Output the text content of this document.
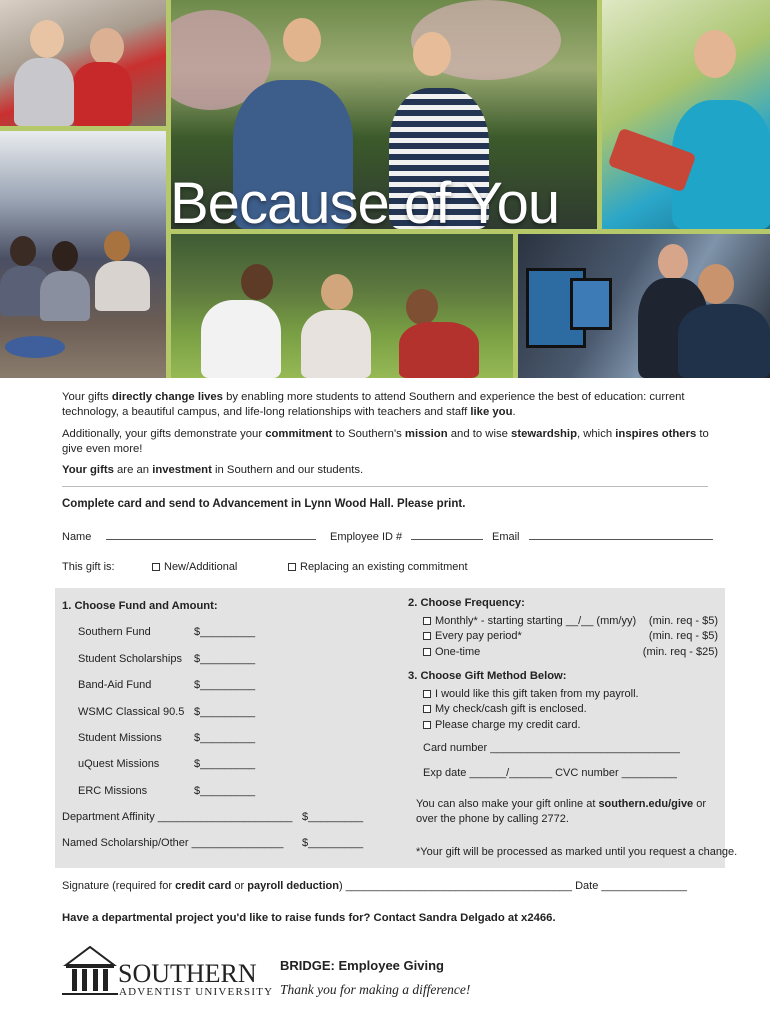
Because of You
Your gifts directly change lives by enabling more students to attend Southern and experience the best of education: current technology, a beautiful campus, and life-long relationships with teachers and staff like you.
Additionally, your gifts demonstrate your commitment to Southern's mission and to wise stewardship, which inspires others to give even more!
Your gifts are an investment in Southern and our students.
Complete card and send to Advancement in Lynn Wood Hall. Please print.
Name	Employee ID #	Email
This gift is:	New/Additional	Replacing an existing commitment
1. Choose Fund and Amount:
Southern Fund	$_________
Student Scholarships $_________
Band-Aid Fund	$_________
WSMC Classical 90.5 $_________
Student Missions	$_________
uQuest Missions	$_________
ERC Missions	$_________
Department Affinity ______________________ $_________
Named Scholarship/Other _______________ $_________
2. Choose Frequency:
Monthly* - starting starting __/__ (mm/yy) (min. req - $5)
Every pay period*	(min. req - $5)
One-time	(min. req - $25)
3. Choose Gift Method Below:
I would like this gift taken from my payroll.
My check/cash gift is enclosed.
Please charge my credit card.
Card number _______________________________
Exp date ______/_______ CVC number _________
You can also make your gift online at southern.edu/give or
over the phone by calling 2772.
*Your gift will be processed as marked until you request a change.
Signature (required for credit card or payroll deduction) _____________________________________ Date ______________
Have a departmental project you'd like to raise funds for? Contact Sandra Delgado at x2466.
SOUTHERN
ADVENTIST UNIVERSITY
BRIDGE: Employee Giving
Thank you for making a difference!
